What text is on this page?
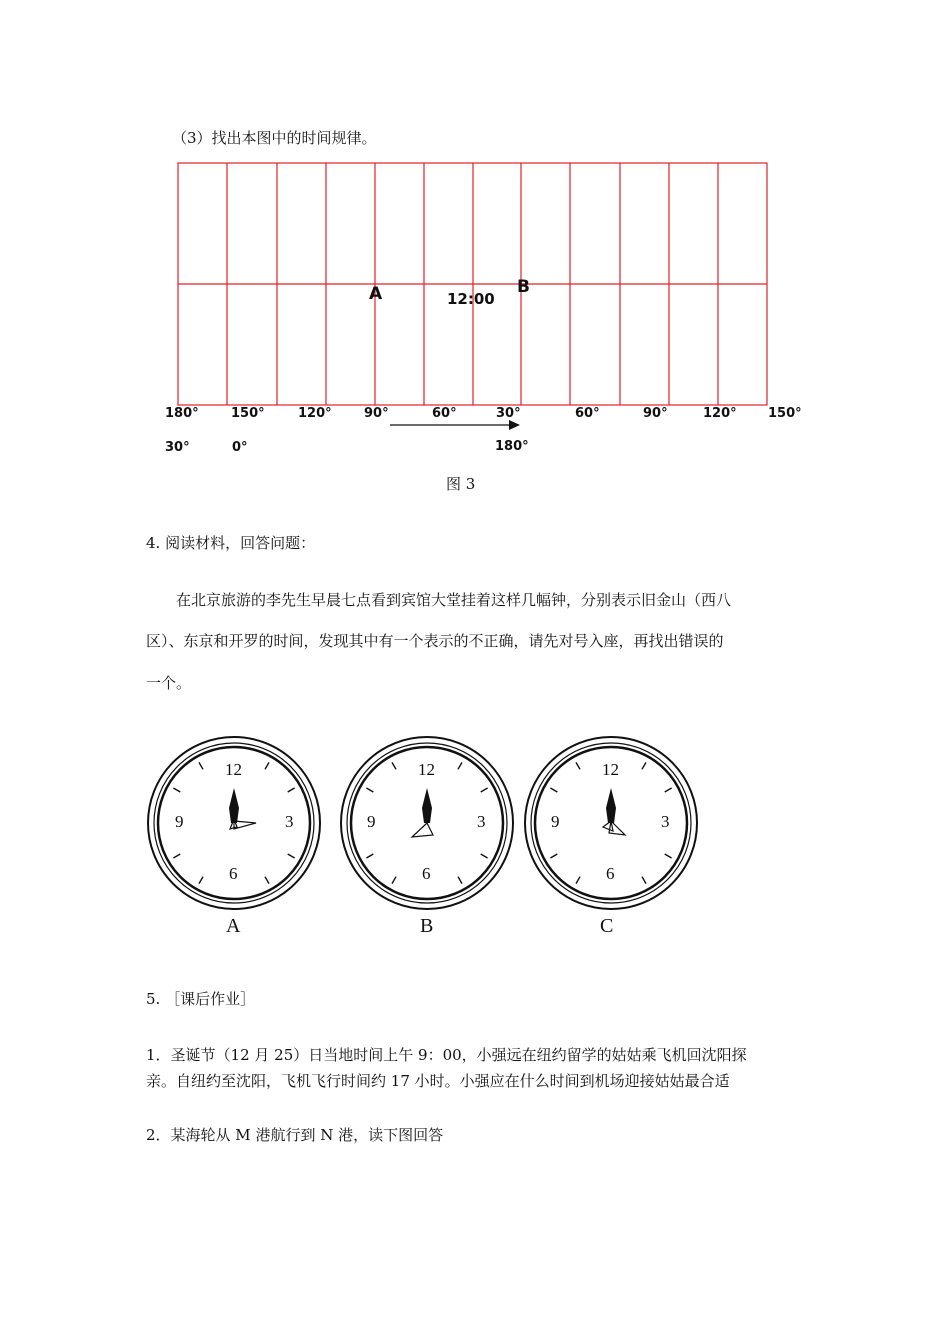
（3）找出本图中的时间规律。
A	B
12:00
180° 150°	120° 90°	60°	30°	60°	90°	120° 150°
30°	0°	180°
图 3
4. 阅读材料，回答问题：
在北京旅游的李先生早晨七点看到宾馆大堂挂着这样几幅钟，分别表示旧金山（西八
区）、东京和开罗的时间，发现其中有一个表示的不正确，请先对号入座，再找出错误的
一个。
12
3
6
9
12
3
6
9
12
3
6
9
A	B	C
5. ［课后作业］
1．圣诞节（12 月 25）日当地时间上午 9：00，小强远在纽约留学的姑姑乘飞机回沈阳探
亲。自纽约至沈阳，飞机飞行时间约 17 小时。小强应在什么时间到机场迎接姑姑最合适
2．某海轮从 M 港航行到 N 港，读下图回答
